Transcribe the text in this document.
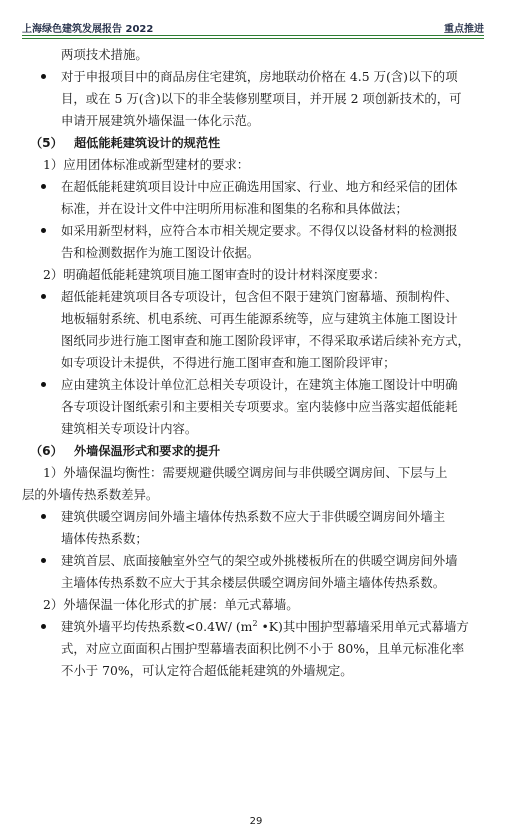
上海绿色建筑发展报告 2022	重点推进
两项技术措施。
对于申报项目中的商品房住宅建筑，房地联动价格在 4.5 万(含)以下的项
目，或在 5 万(含)以下的非全装修别墅项目，并开展 2 项创新技术的，可
申请开展建筑外墙保温一体化示范。
（5） 超低能耗建筑设计的规范性
1）应用团体标准或新型建材的要求：
在超低能耗建筑项目设计中应正确选用国家、行业、地方和经采信的团体
标准，并在设计文件中注明所用标准和图集的名称和具体做法；
如采用新型材料，应符合本市相关规定要求。不得仅以设备材料的检测报
告和检测数据作为施工图设计依据。
2）明确超低能耗建筑项目施工图审查时的设计材料深度要求：
超低能耗建筑项目各专项设计，包含但不限于建筑门窗幕墙、预制构件、
地板辐射系统、机电系统、可再生能源系统等，应与建筑主体施工图设计
图纸同步进行施工图审查和施工图阶段评审，不得采取承诺后续补充方式，
如专项设计未提供，不得进行施工图审查和施工图阶段评审；
应由建筑主体设计单位汇总相关专项设计，在建筑主体施工图设计中明确
各专项设计图纸索引和主要相关专项要求。室内装修中应当落实超低能耗
建筑相关专项设计内容。
（6） 外墙保温形式和要求的提升
1）外墙保温均衡性：需要规避供暖空调房间与非供暖空调房间、下层与上
层的外墙传热系数差异。
建筑供暖空调房间外墙主墙体传热系数不应大于非供暖空调房间外墙主
墙体传热系数；
建筑首层、底面接触室外空气的架空或外挑楼板所在的供暖空调房间外墙
主墙体传热系数不应大于其余楼层供暖空调房间外墙主墙体传热系数。
2）外墙保温一体化形式的扩展：单元式幕墙。
建筑外墙平均传热系数<0.4W/ ($m^2$ •K)其中围护型幕墙采用单元式幕墙方
式，对应立面面积占围护型幕墙表面积比例不小于 80%，且单元标准化率
不小于 70%，可认定符合超低能耗建筑的外墙规定。
29
